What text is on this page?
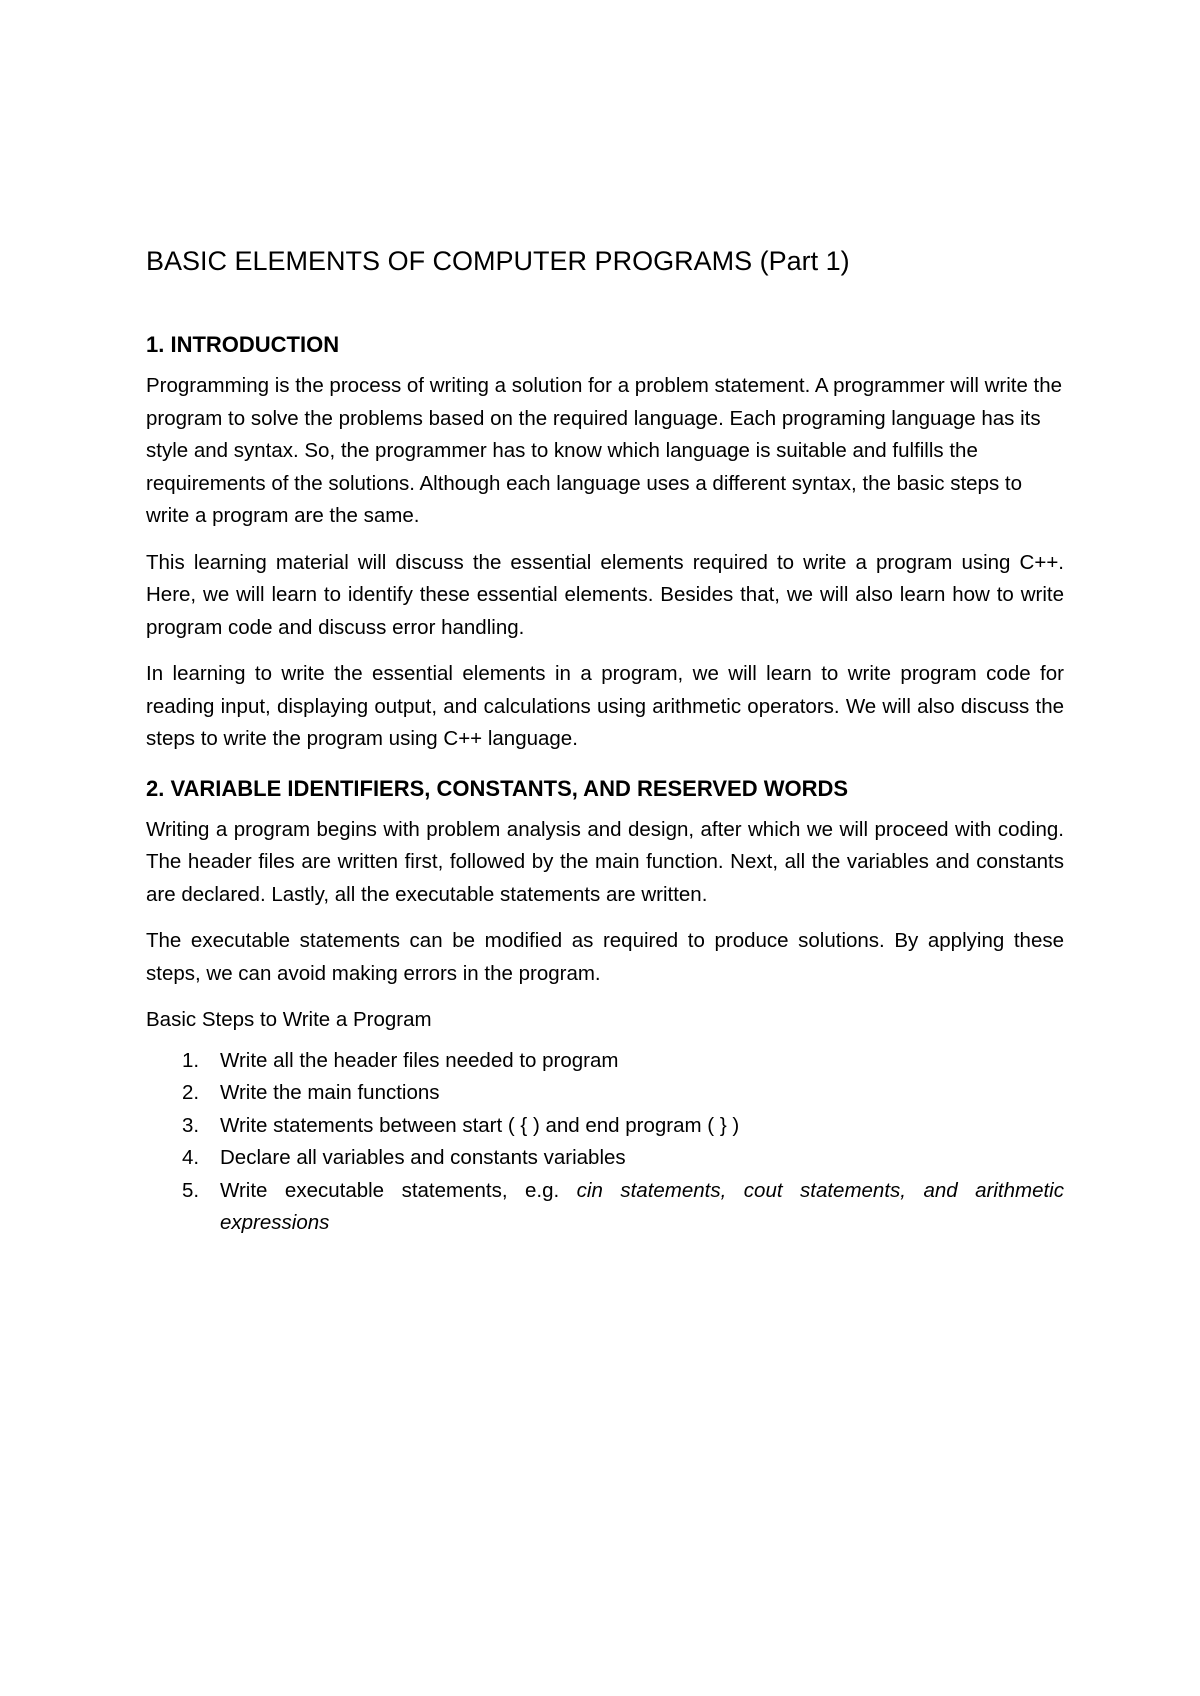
BASIC ELEMENTS OF COMPUTER PROGRAMS (Part 1)
1. INTRODUCTION

Programming is the process of writing a solution for a problem statement. A programmer will write the program to solve the problems based on the required language. Each programing language has its style and syntax. So, the programmer has to know which language is suitable and fulfills the requirements of the solutions. Although each language uses a different syntax, the basic steps to write a program are the same.

This learning material will discuss the essential elements required to write a program using C++. Here, we will learn to identify these essential elements. Besides that, we will also learn how to write program code and discuss error handling.

In learning to write the essential elements in a program, we will learn to write program code for reading input, displaying output, and calculations using arithmetic operators. We will also discuss the steps to write the program using C++ language.

2. VARIABLE IDENTIFIERS, CONSTANTS, AND RESERVED WORDS

Writing a program begins with problem analysis and design, after which we will proceed with coding. The header files are written first, followed by the main function. Next, all the variables and constants are declared. Lastly, all the executable statements are written.

The executable statements can be modified as required to produce solutions. By applying these steps, we can avoid making errors in the program.

Basic Steps to Write a Program

1. Write all the header files needed to program
2. Write the main functions
3. Write statements between start ( { ) and end program ( } )
4. Declare all variables and constants variables
5. Write executable statements, e.g. cin statements, cout statements, and arithmetic expressions
